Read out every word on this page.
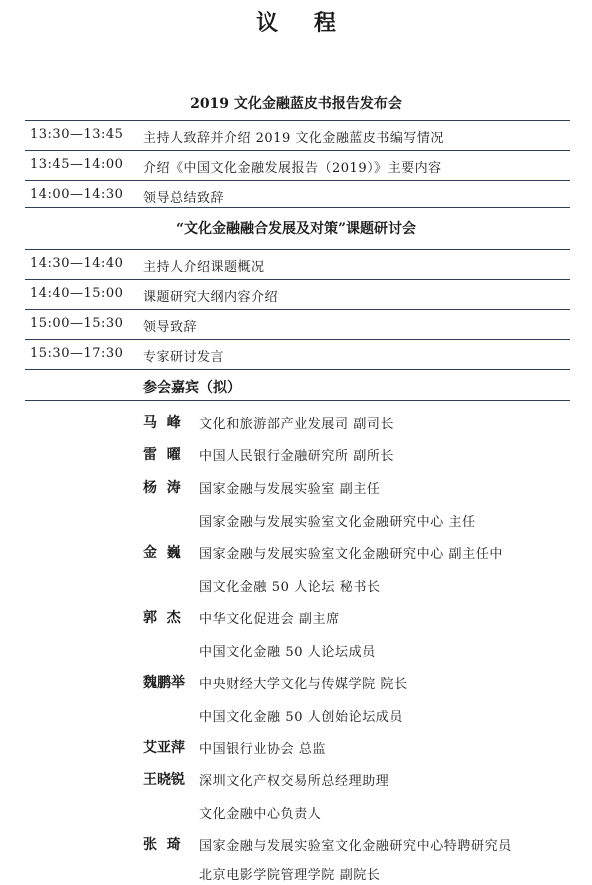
议 程
2019 文化金融蓝皮书报告发布会
13:30—13:45 主持人致辞并介绍 2019 文化金融蓝皮书编写情况
13:45—14:00 介绍《中国文化金融发展报告（2019）》主要内容
14:00—14:30 领导总结致辞
“文化金融融合发展及对策”课题研讨会
14:30—14:40 主持人介绍课题概况
14:40—15:00 课题研究大纲内容介绍
15:00—15:30 领导致辞
15:30—17:30 专家研讨发言
参会嘉宾（拟）
马  峰 文化和旅游部产业发展司 副司长
雷  曜 中国人民银行金融研究所 副所长
杨  涛 国家金融与发展实验室 副主任
国家金融与发展实验室文化金融研究中心 主任
金  巍 国家金融与发展实验室文化金融研究中心 副主任中
国文化金融 50 人论坛 秘书长
郭  杰 中华文化促进会 副主席
中国文化金融 50 人论坛成员
魏鹏举 中央财经大学文化与传媒学院 院长
中国文化金融 50 人创始论坛成员
艾亚萍 中国银行业协会 总监
王晓锐 深圳文化产权交易所总经理助理
文化金融中心负责人
张  琦 国家金融与发展实验室文化金融研究中心特聘研究员
北京电影学院管理学院 副院长
